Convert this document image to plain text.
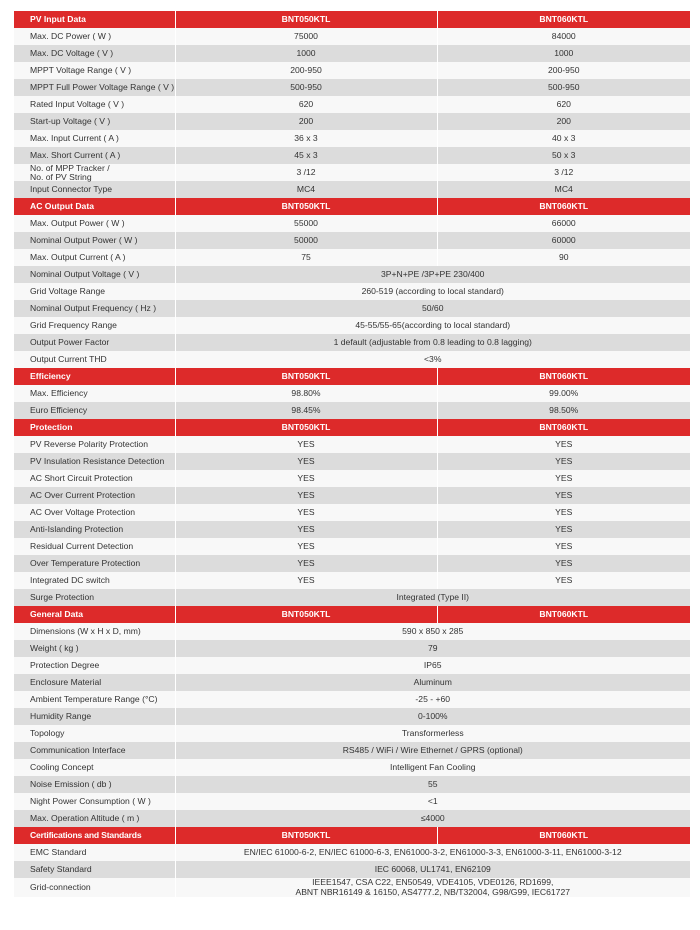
PV Input Data	BNT050KTL	BNT060KTL
Max. DC Power ( W )	75000	84000
Max. DC Voltage ( V )	1000	1000
MPPT Voltage Range ( V )	200-950	200-950
MPPT Full Power Voltage Range ( V )	500-950	500-950
Rated Input Voltage ( V )	620	620
Start-up Voltage ( V )	200	200
Max. Input Current ( A )	36 x 3	40 x 3
Max. Short Current ( A )	45 x 3	50 x 3
No. of MPP Tracker /
No. of PV String	3 /12	3 /12
Input Connector Type	MC4	MC4
AC Output Data	BNT050KTL	BNT060KTL
Max. Output Power ( W )	55000	66000
Nominal Output Power ( W )	50000	60000
Max. Output Current ( A )	75	90
Nominal Output Voltage ( V )	3P+N+PE /3P+PE 230/400	
Grid Voltage Range	260-519 (according to local standard)	
Nominal Output Frequency ( Hz )	50/60	
Grid Frequency Range	45-55/55-65(according to local standard)	
Output Power Factor	1 default (adjustable from 0.8 leading to 0.8 lagging)	
Output Current THD	<3%	
Efficiency	BNT050KTL	BNT060KTL
Max. Efficiency	98.80%	99.00%
Euro Efficiency	98.45%	98.50%
Protection	BNT050KTL	BNT060KTL
PV Reverse Polarity Protection	YES	YES
PV Insulation Resistance Detection	YES	YES
AC Short Circuit Protection	YES	YES
AC Over Current Protection	YES	YES
AC Over Voltage Protection	YES	YES
Anti-Islanding Protection	YES	YES
Residual Current Detection	YES	YES
Over Temperature Protection	YES	YES
Integrated DC switch	YES	YES
Surge Protection	Integrated (Type II)	
General Data	BNT050KTL	BNT060KTL
Dimensions (W x H x D, mm)	590 x 850 x 285	
Weight ( kg )	79	
Protection Degree	IP65	
Enclosure Material	Aluminum	
Ambient Temperature Range (°C)	-25 - +60	
Humidity Range	0-100%	
Topology	Transformerless	
Communication Interface	RS485 / WiFi / Wire Ethernet / GPRS (optional)	
Cooling Concept	Intelligent Fan Cooling	
Noise Emission ( db )	55	
Night Power Consumption ( W )	<1	
Max. Operation Altitude ( m )	≤4000	
Certifications and Standards	BNT050KTL	BNT060KTL
EMC Standard	EN/IEC 61000-6-2, EN/IEC 61000-6-3, EN61000-3-2, EN61000-3-3, EN61000-3-11, EN61000-3-12	
Safety Standard	IEC 60068, UL1741, EN62109	
Grid-connection	IEEE1547, CSA C22, EN50549, VDE4105, VDE0126, RD1699,
ABNT NBR16149 & 16150, AS4777.2, NB/T32004, G98/G99, IEC61727	
